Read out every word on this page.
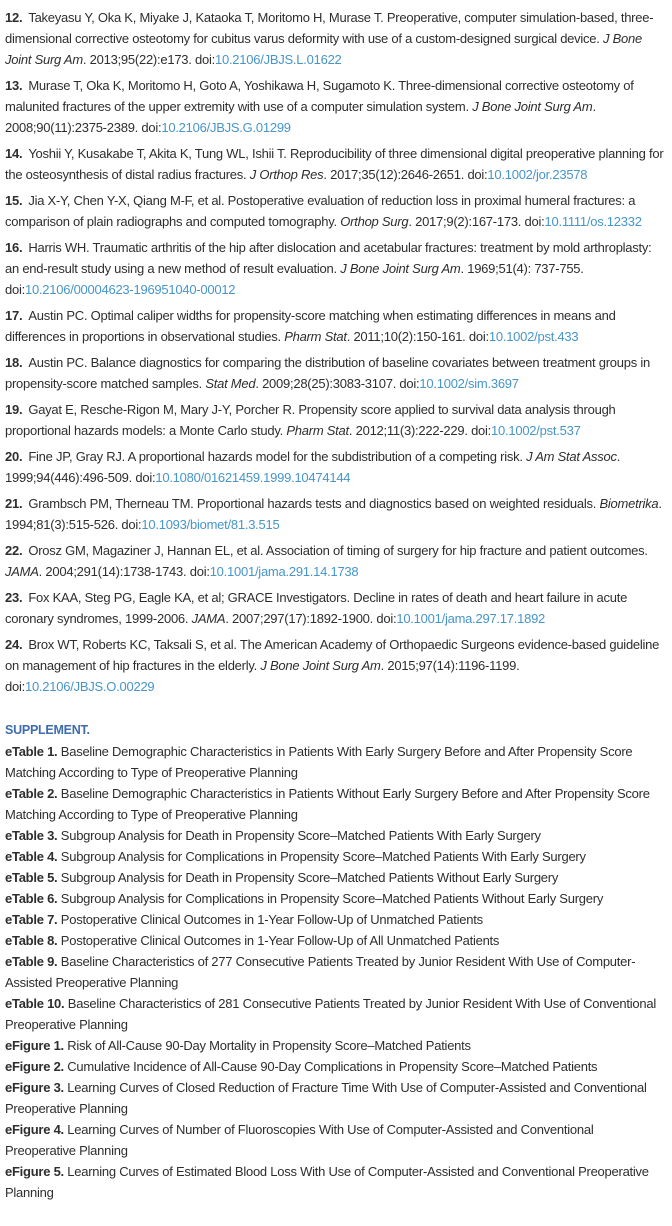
12. Takeyasu Y, Oka K, Miyake J, Kataoka T, Moritomo H, Murase T. Preoperative, computer simulation-based, three-dimensional corrective osteotomy for cubitus varus deformity with use of a custom-designed surgical device. J Bone Joint Surg Am. 2013;95(22):e173. doi:10.2106/JBJS.L.01622

13. Murase T, Oka K, Moritomo H, Goto A, Yoshikawa H, Sugamoto K. Three-dimensional corrective osteotomy of malunited fractures of the upper extremity with use of a computer simulation system. J Bone Joint Surg Am. 2008;90(11):2375-2389. doi:10.2106/JBJS.G.01299

14. Yoshii Y, Kusakabe T, Akita K, Tung WL, Ishii T. Reproducibility of three dimensional digital preoperative planning for the osteosynthesis of distal radius fractures. J Orthop Res. 2017;35(12):2646-2651. doi:10.1002/jor.23578

15. Jia X-Y, Chen Y-X, Qiang M-F, et al. Postoperative evaluation of reduction loss in proximal humeral fractures: a comparison of plain radiographs and computed tomography. Orthop Surg. 2017;9(2):167-173. doi:10.1111/os.12332

16. Harris WH. Traumatic arthritis of the hip after dislocation and acetabular fractures: treatment by mold arthroplasty: an end-result study using a new method of result evaluation. J Bone Joint Surg Am. 1969;51(4): 737-755. doi:10.2106/00004623-196951040-00012

17. Austin PC. Optimal caliper widths for propensity-score matching when estimating differences in means and differences in proportions in observational studies. Pharm Stat. 2011;10(2):150-161. doi:10.1002/pst.433

18. Austin PC. Balance diagnostics for comparing the distribution of baseline covariates between treatment groups in propensity-score matched samples. Stat Med. 2009;28(25):3083-3107. doi:10.1002/sim.3697

19. Gayat E, Resche-Rigon M, Mary J-Y, Porcher R. Propensity score applied to survival data analysis through proportional hazards models: a Monte Carlo study. Pharm Stat. 2012;11(3):222-229. doi:10.1002/pst.537

20. Fine JP, Gray RJ. A proportional hazards model for the subdistribution of a competing risk. J Am Stat Assoc. 1999;94(446):496-509. doi:10.1080/01621459.1999.10474144

21. Grambsch PM, Therneau TM. Proportional hazards tests and diagnostics based on weighted residuals. Biometrika. 1994;81(3):515-526. doi:10.1093/biomet/81.3.515

22. Orosz GM, Magaziner J, Hannan EL, et al. Association of timing of surgery for hip fracture and patient outcomes. JAMA. 2004;291(14):1738-1743. doi:10.1001/jama.291.14.1738

23. Fox KAA, Steg PG, Eagle KA, et al; GRACE Investigators. Decline in rates of death and heart failure in acute coronary syndromes, 1999-2006. JAMA. 2007;297(17):1892-1900. doi:10.1001/jama.297.17.1892

24. Brox WT, Roberts KC, Taksali S, et al. The American Academy of Orthopaedic Surgeons evidence-based guideline on management of hip fractures in the elderly. J Bone Joint Surg Am. 2015;97(14):1196-1199. doi:10.2106/JBJS.O.00229

SUPPLEMENT.

eTable 1. Baseline Demographic Characteristics in Patients With Early Surgery Before and After Propensity Score Matching According to Type of Preoperative Planning
eTable 2. Baseline Demographic Characteristics in Patients Without Early Surgery Before and After Propensity Score Matching According to Type of Preoperative Planning
eTable 3. Subgroup Analysis for Death in Propensity Score–Matched Patients With Early Surgery
eTable 4. Subgroup Analysis for Complications in Propensity Score–Matched Patients With Early Surgery
eTable 5. Subgroup Analysis for Death in Propensity Score–Matched Patients Without Early Surgery
eTable 6. Subgroup Analysis for Complications in Propensity Score–Matched Patients Without Early Surgery
eTable 7. Postoperative Clinical Outcomes in 1-Year Follow-Up of Unmatched Patients
eTable 8. Postoperative Clinical Outcomes in 1-Year Follow-Up of All Unmatched Patients
eTable 9. Baseline Characteristics of 277 Consecutive Patients Treated by Junior Resident With Use of Computer-Assisted Preoperative Planning
eTable 10. Baseline Characteristics of 281 Consecutive Patients Treated by Junior Resident With Use of Conventional Preoperative Planning
eFigure 1. Risk of All-Cause 90-Day Mortality in Propensity Score–Matched Patients
eFigure 2. Cumulative Incidence of All-Cause 90-Day Complications in Propensity Score–Matched Patients
eFigure 3. Learning Curves of Closed Reduction of Fracture Time With Use of Computer-Assisted and Conventional Preoperative Planning
eFigure 4. Learning Curves of Number of Fluoroscopies With Use of Computer-Assisted and Conventional Preoperative Planning
eFigure 5. Learning Curves of Estimated Blood Loss With Use of Computer-Assisted and Conventional Preoperative Planning
